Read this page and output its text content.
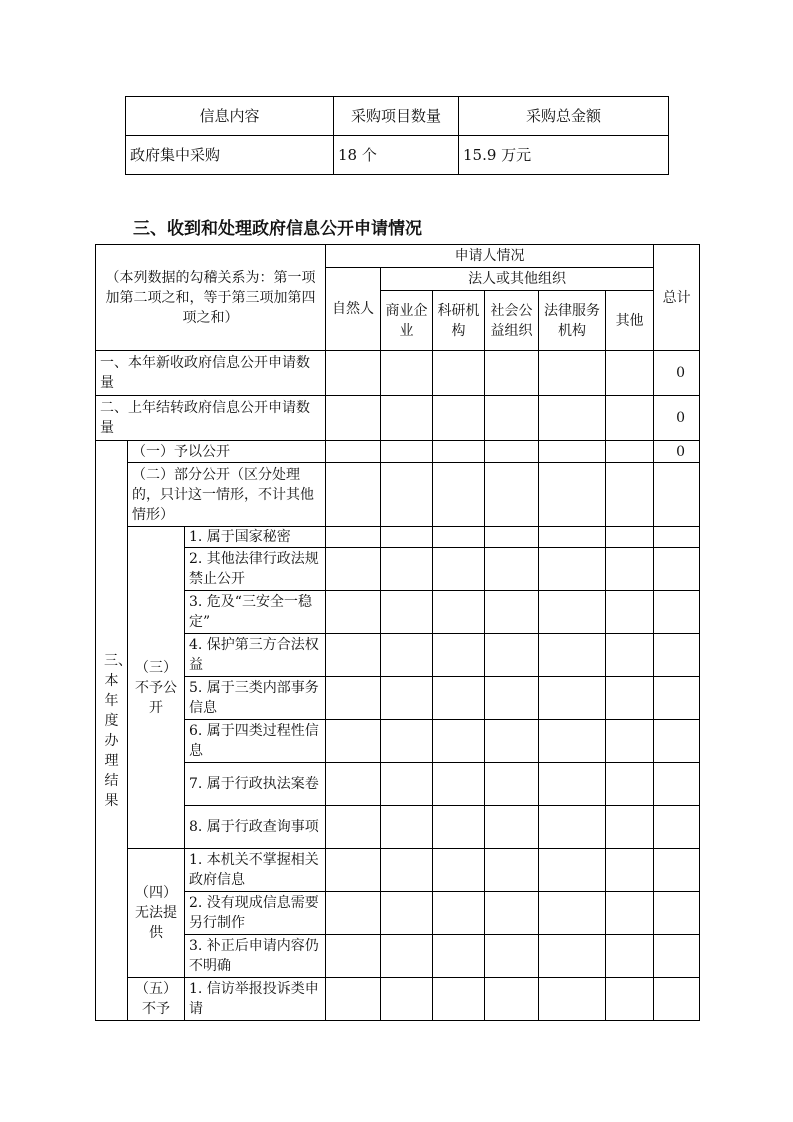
信息内容	采购项目数量	采购总金额
政府集中采购	18 个	15.9 万元
三、收到和处理政府信息公开申请情况
（本列数据的勾稽关系为：第一项加第二项之和，等于第三项加第四项之和）			申请人情况						总计
			自然人	法人或其他组织					
				商业企业	科研机构	社会公益组织	法律服务机构	其他	
一、本年新收政府信息公开申请数量									0
二、上年结转政府信息公开申请数量									0

三、本年度办理结果	（一）予以公开								0
	（二）部分公开（区分处理的，只计这一情形，不计其他情形）								

	（三）不予公开	1. 属于国家秘密							
		2. 其他法律行政法规禁止公开							
		3. 危及“三安全一稳定”							
		4. 保护第三方合法权益							
		5. 属于三类内部事务信息							
		6. 属于四类过程性信息							
		7. 属于行政执法案卷							
		8. 属于行政查询事项							

	（四）无法提供	1. 本机关不掌握相关政府信息							
		2. 没有现成信息需要另行制作							
		3. 补正后申请内容仍不明确							

	（五）不予	1. 信访举报投诉类申请							
